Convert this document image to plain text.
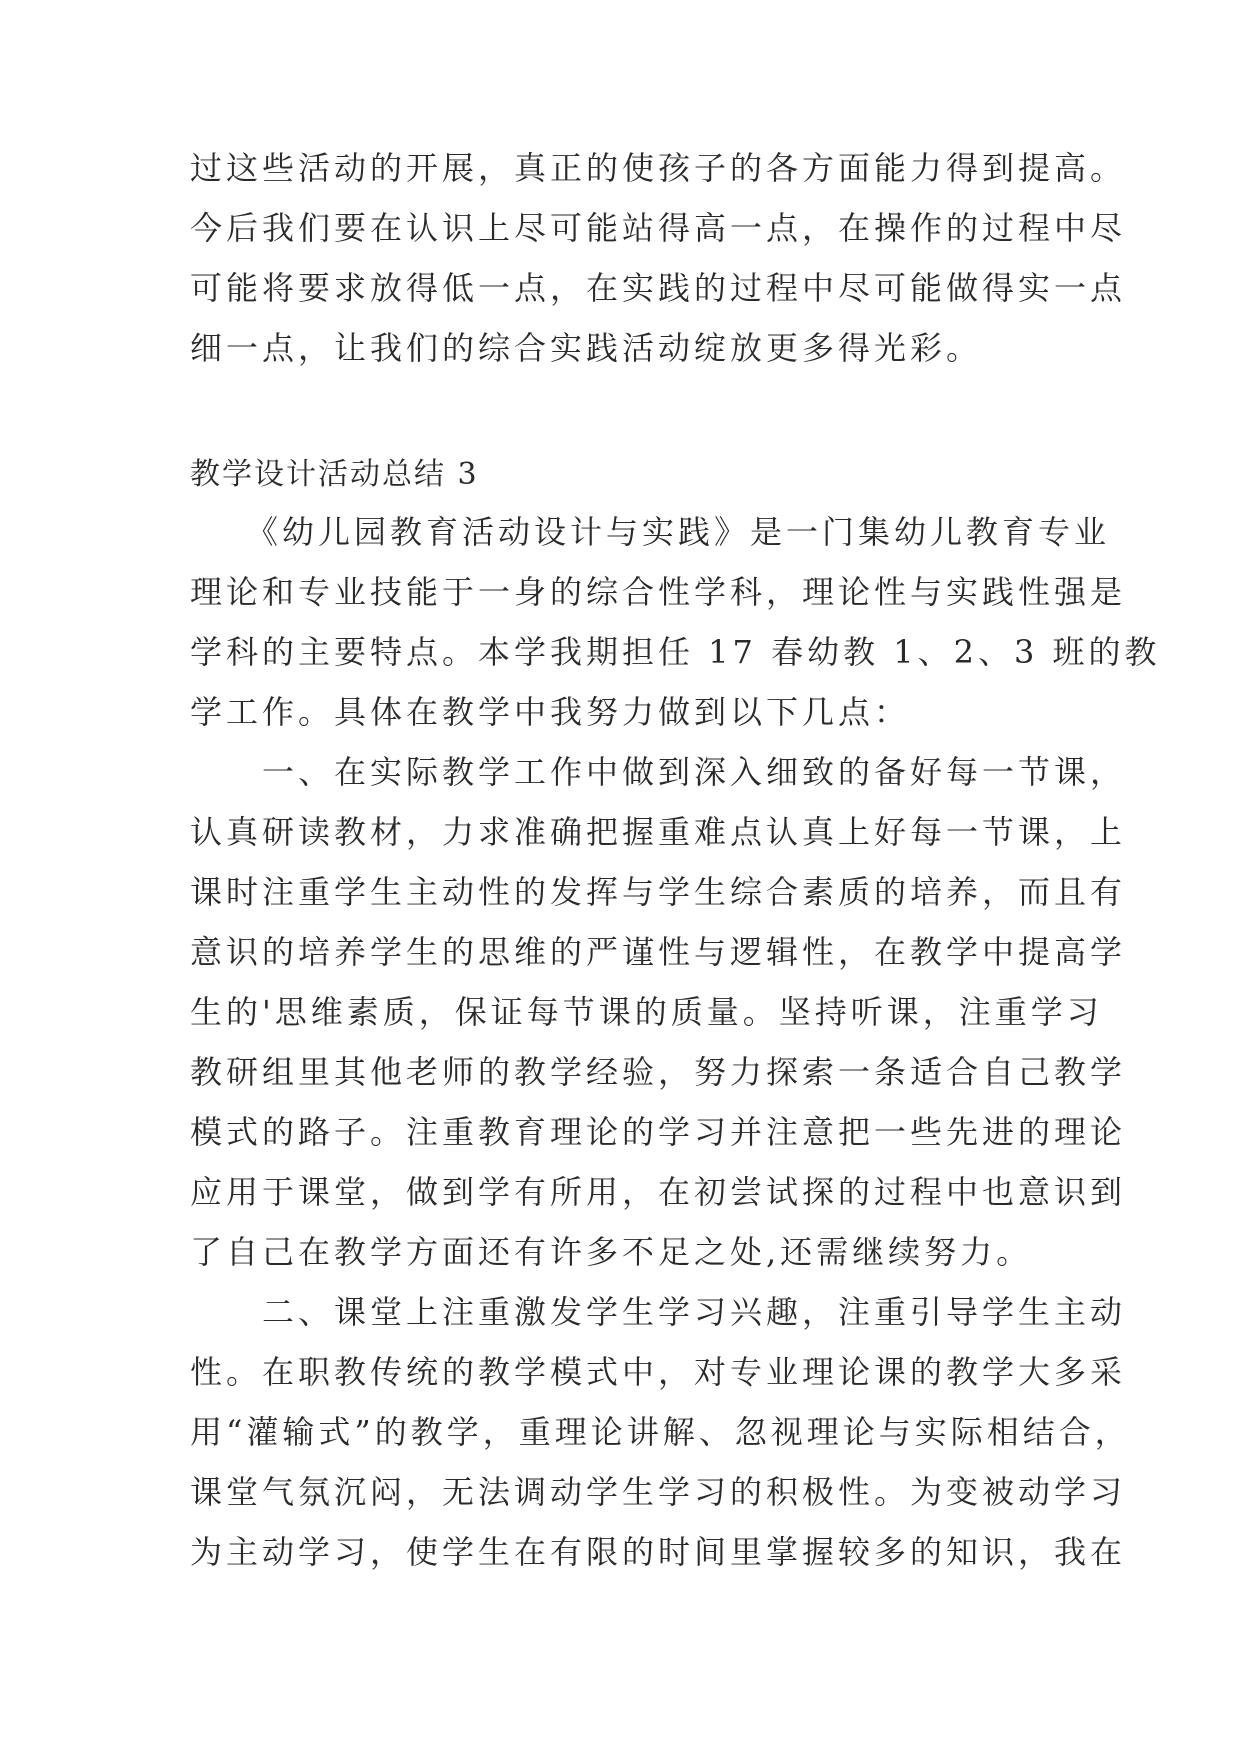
过这些活动的开展，真正的使孩子的各方面能力得到提高。
今后我们要在认识上尽可能站得高一点，在操作的过程中尽
可能将要求放得低一点，在实践的过程中尽可能做得实一点
细一点，让我们的综合实践活动绽放更多得光彩。
教学设计活动总结 3
　　《幼儿园教育活动设计与实践》是一门集幼儿教育专业
理论和专业技能于一身的综合性学科，理论性与实践性强是
学科的主要特点。本学我期担任 17 春幼教 1、2、3 班的教
学工作。具体在教学中我努力做到以下几点：
　　一、在实际教学工作中做到深入细致的备好每一节课，
认真研读教材，力求准确把握重难点认真上好每一节课，上
课时注重学生主动性的发挥与学生综合素质的培养，而且有
意识的培养学生的思维的严谨性与逻辑性，在教学中提高学
生的'思维素质，保证每节课的质量。坚持听课，注重学习
教研组里其他老师的教学经验，努力探索一条适合自己教学
模式的路子。注重教育理论的学习并注意把一些先进的理论
应用于课堂，做到学有所用，在初尝试探的过程中也意识到
了自己在教学方面还有许多不足之处,还需继续努力。
　　二、课堂上注重激发学生学习兴趣，注重引导学生主动
性。在职教传统的教学模式中，对专业理论课的教学大多采
用“灌输式”的教学，重理论讲解、忽视理论与实际相结合，
课堂气氛沉闷，无法调动学生学习的积极性。为变被动学习
为主动学习，使学生在有限的时间里掌握较多的知识，我在
